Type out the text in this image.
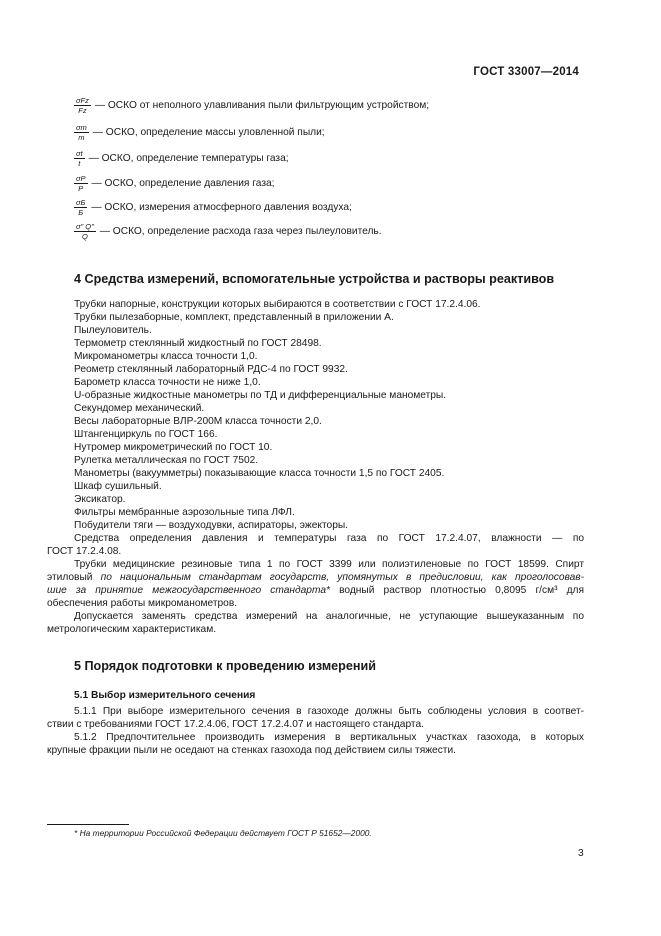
ГОСТ 33007—2014
$\frac{\text{σFz}}{Fz}$ — ОСКО от неполного улавливания пыли фильтрующим устройством;
$\frac{\sigma m}{m}$ — ОСКО, определение массы уловленной пыли;
$\frac{\sigma t}{t}$ — ОСКО, определение температуры газа;
$\frac{\sigma P}{P}$ — ОСКО, определение давления газа;
$\frac{\sigma Б}{Б}$ — ОСКО, измерения атмосферного давления воздуха;
$\frac{\sigma" Q"}{Q}$ — ОСКО, определение расхода газа через пылеуловитель.
4 Средства измерений, вспомогательные устройства и растворы реактивов
Трубки напорные, конструкции которых выбираются в соответствии с ГОСТ 17.2.4.06.
Трубки пылезаборные, комплект, представленный в приложении А.
Пылеуловитель.
Термометр стеклянный жидкостный по ГОСТ 28498.
Микроманометры класса точности 1,0.
Реометр стеклянный лабораторный РДС-4 по ГОСТ 9932.
Барометр класса точности не ниже 1,0.
U-образные жидкостные манометры по ТД и дифференциальные манометры.
Секундомер механический.
Весы лабораторные ВЛР-200М класса точности 2,0.
Штангенциркуль по ГОСТ 166.
Нутромер микрометрический по ГОСТ 10.
Рулетка металлическая по ГОСТ 7502.
Манометры (вакуумметры) показывающие класса точности 1,5 по ГОСТ 2405.
Шкаф сушильный.
Эксикатор.
Фильтры мембранные аэрозольные типа ЛФЛ.
Побудители тяги — воздуходувки, аспираторы, эжекторы.
Средства определения давления и температуры газа по ГОСТ 17.2.4.07, влажности — по
ГОСТ 17.2.4.08.
Трубки медицинские резиновые типа 1 по ГОСТ 3399 или полиэтиленовые по ГОСТ 18599. Спирт
этиловый по национальным стандартам государств, упомянутых в предисловии, как проголосовав-
шие за принятие межгосударственного стандарта* водный раствор плотностью 0,8095 г/см³ для
обеспечения работы микроманометров.
Допускается заменять средства измерений на аналогичные, не уступающие вышеуказанным по
метрологическим характеристикам.
5 Порядок подготовки к проведению измерений
5.1 Выбор измерительного сечения
5.1.1 При выборе измерительного сечения в газоходе должны быть соблюдены условия в соответ-
ствии с требованиями ГОСТ 17.2.4.06, ГОСТ 17.2.4.07 и настоящего стандарта.
5.1.2 Предпочтительнее производить измерения в вертикальных участках газохода, в которых
крупные фракции пыли не оседают на стенках газохода под действием силы тяжести.
* На территории Российской Федерации действует ГОСТ Р 51652—2000.
3
